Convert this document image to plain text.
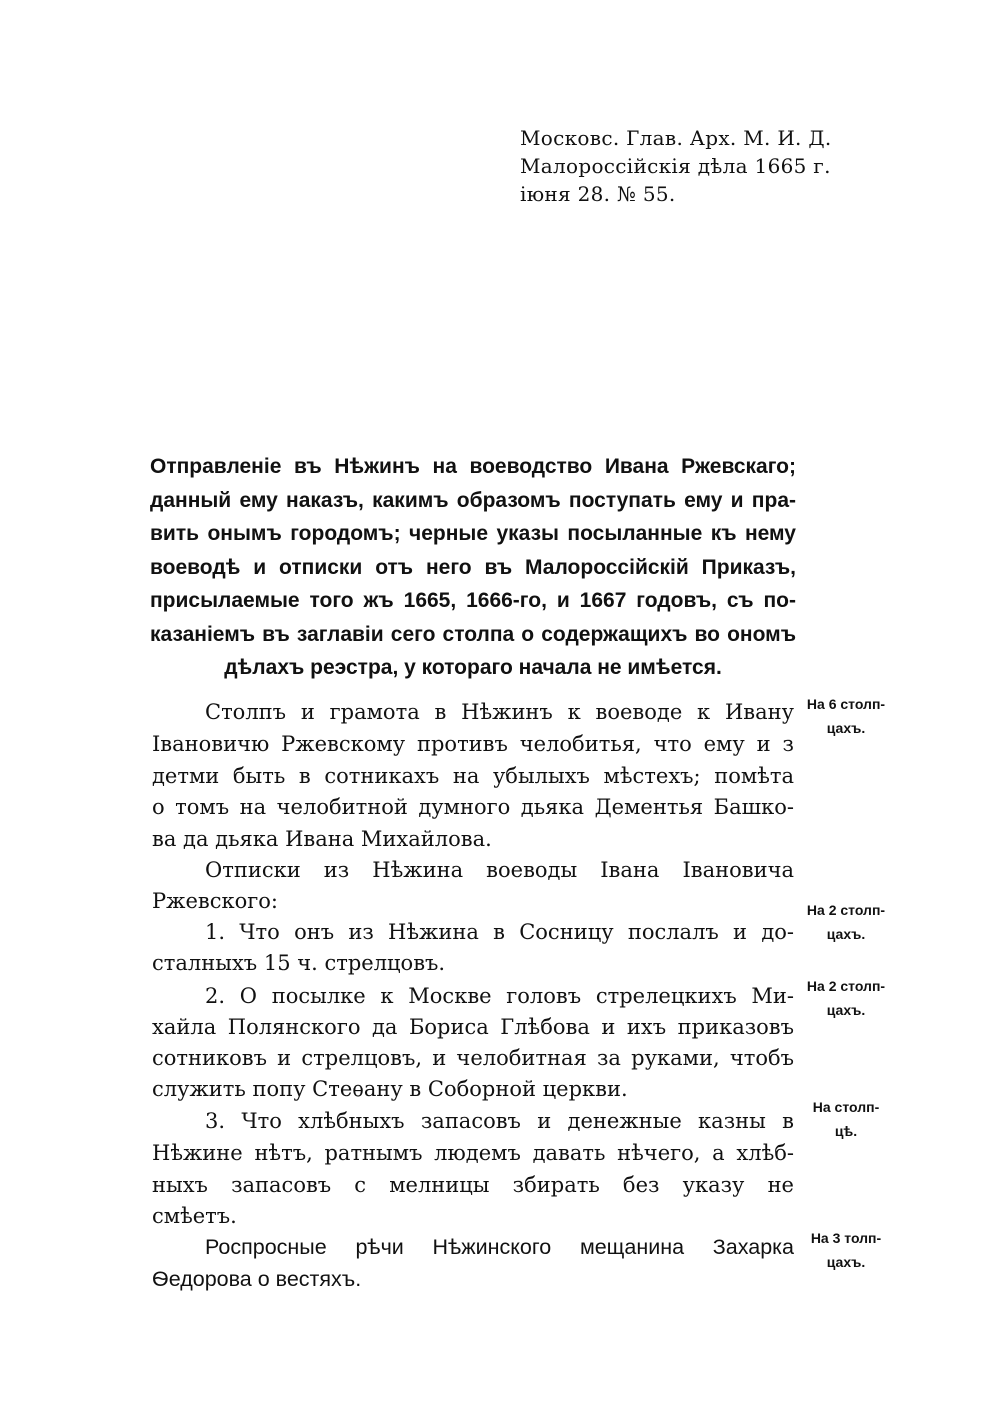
Московс. Глав. Арх. М. И. Д.
Малороссійскія дѣла 1665 г.
іюня 28. № 55.
Отправленіе въ Нѣжинъ на воеводство Ивана Ржевскаго;
данный ему наказъ, какимъ образомъ поступать ему и пра-
вить онымъ городомъ; черные указы посыланные къ нему
воеводѣ и отписки отъ него въ Малороссійскій Приказъ,
присылаемые того жъ 1665, 1666-го, и 1667 годовъ, съ по-
казаніемъ въ заглавіи сего столпа о содержащихъ во ономъ
дѣлахъ реэстра, у котораго начала не имѣется.
Столпъ и грамота в Нѣжинъ к воеводе к Ивану
Івановичю Ржевскому противъ челобитья, что ему и з
детми быть в сотникахъ на убылыхъ мѣстехъ; помѣта
о томъ на челобитной думного дьяка Дементья Башко-
ва да дьяка Ивана Михайлова.
Отписки из Нѣжина воеводы Івана Івановича
Ржевского:
1. Что онъ из Нѣжина в Сосницу послалъ и до-
сталныхъ 15 ч. стрелцовъ.
2. О посылке к Москве головъ стрелецкихъ Ми-
хайла Полянского да Бориса Глѣбова и ихъ приказовъ
сотниковъ и стрелцовъ, и челобитная за руками, чтобъ
служить попу Стеѳану в Соборной церкви.
3. Что хлѣбныхъ запасовъ и денежные казны в
Нѣжине нѣтъ, ратнымъ людемъ давать нѣчего, а хлѣб-
ныхъ запасовъ с мелницы збирать без указу не
смѣетъ.
Роспросные рѣчи Нѣжинского мещанина Захарка
Ѳедорова о вестяхъ.
На 6 столп-
цахъ.
На 2 столп-
цахъ.
На 2 столп-
цахъ.
На столп-
цѣ.
На 3 толп-
цахъ.
